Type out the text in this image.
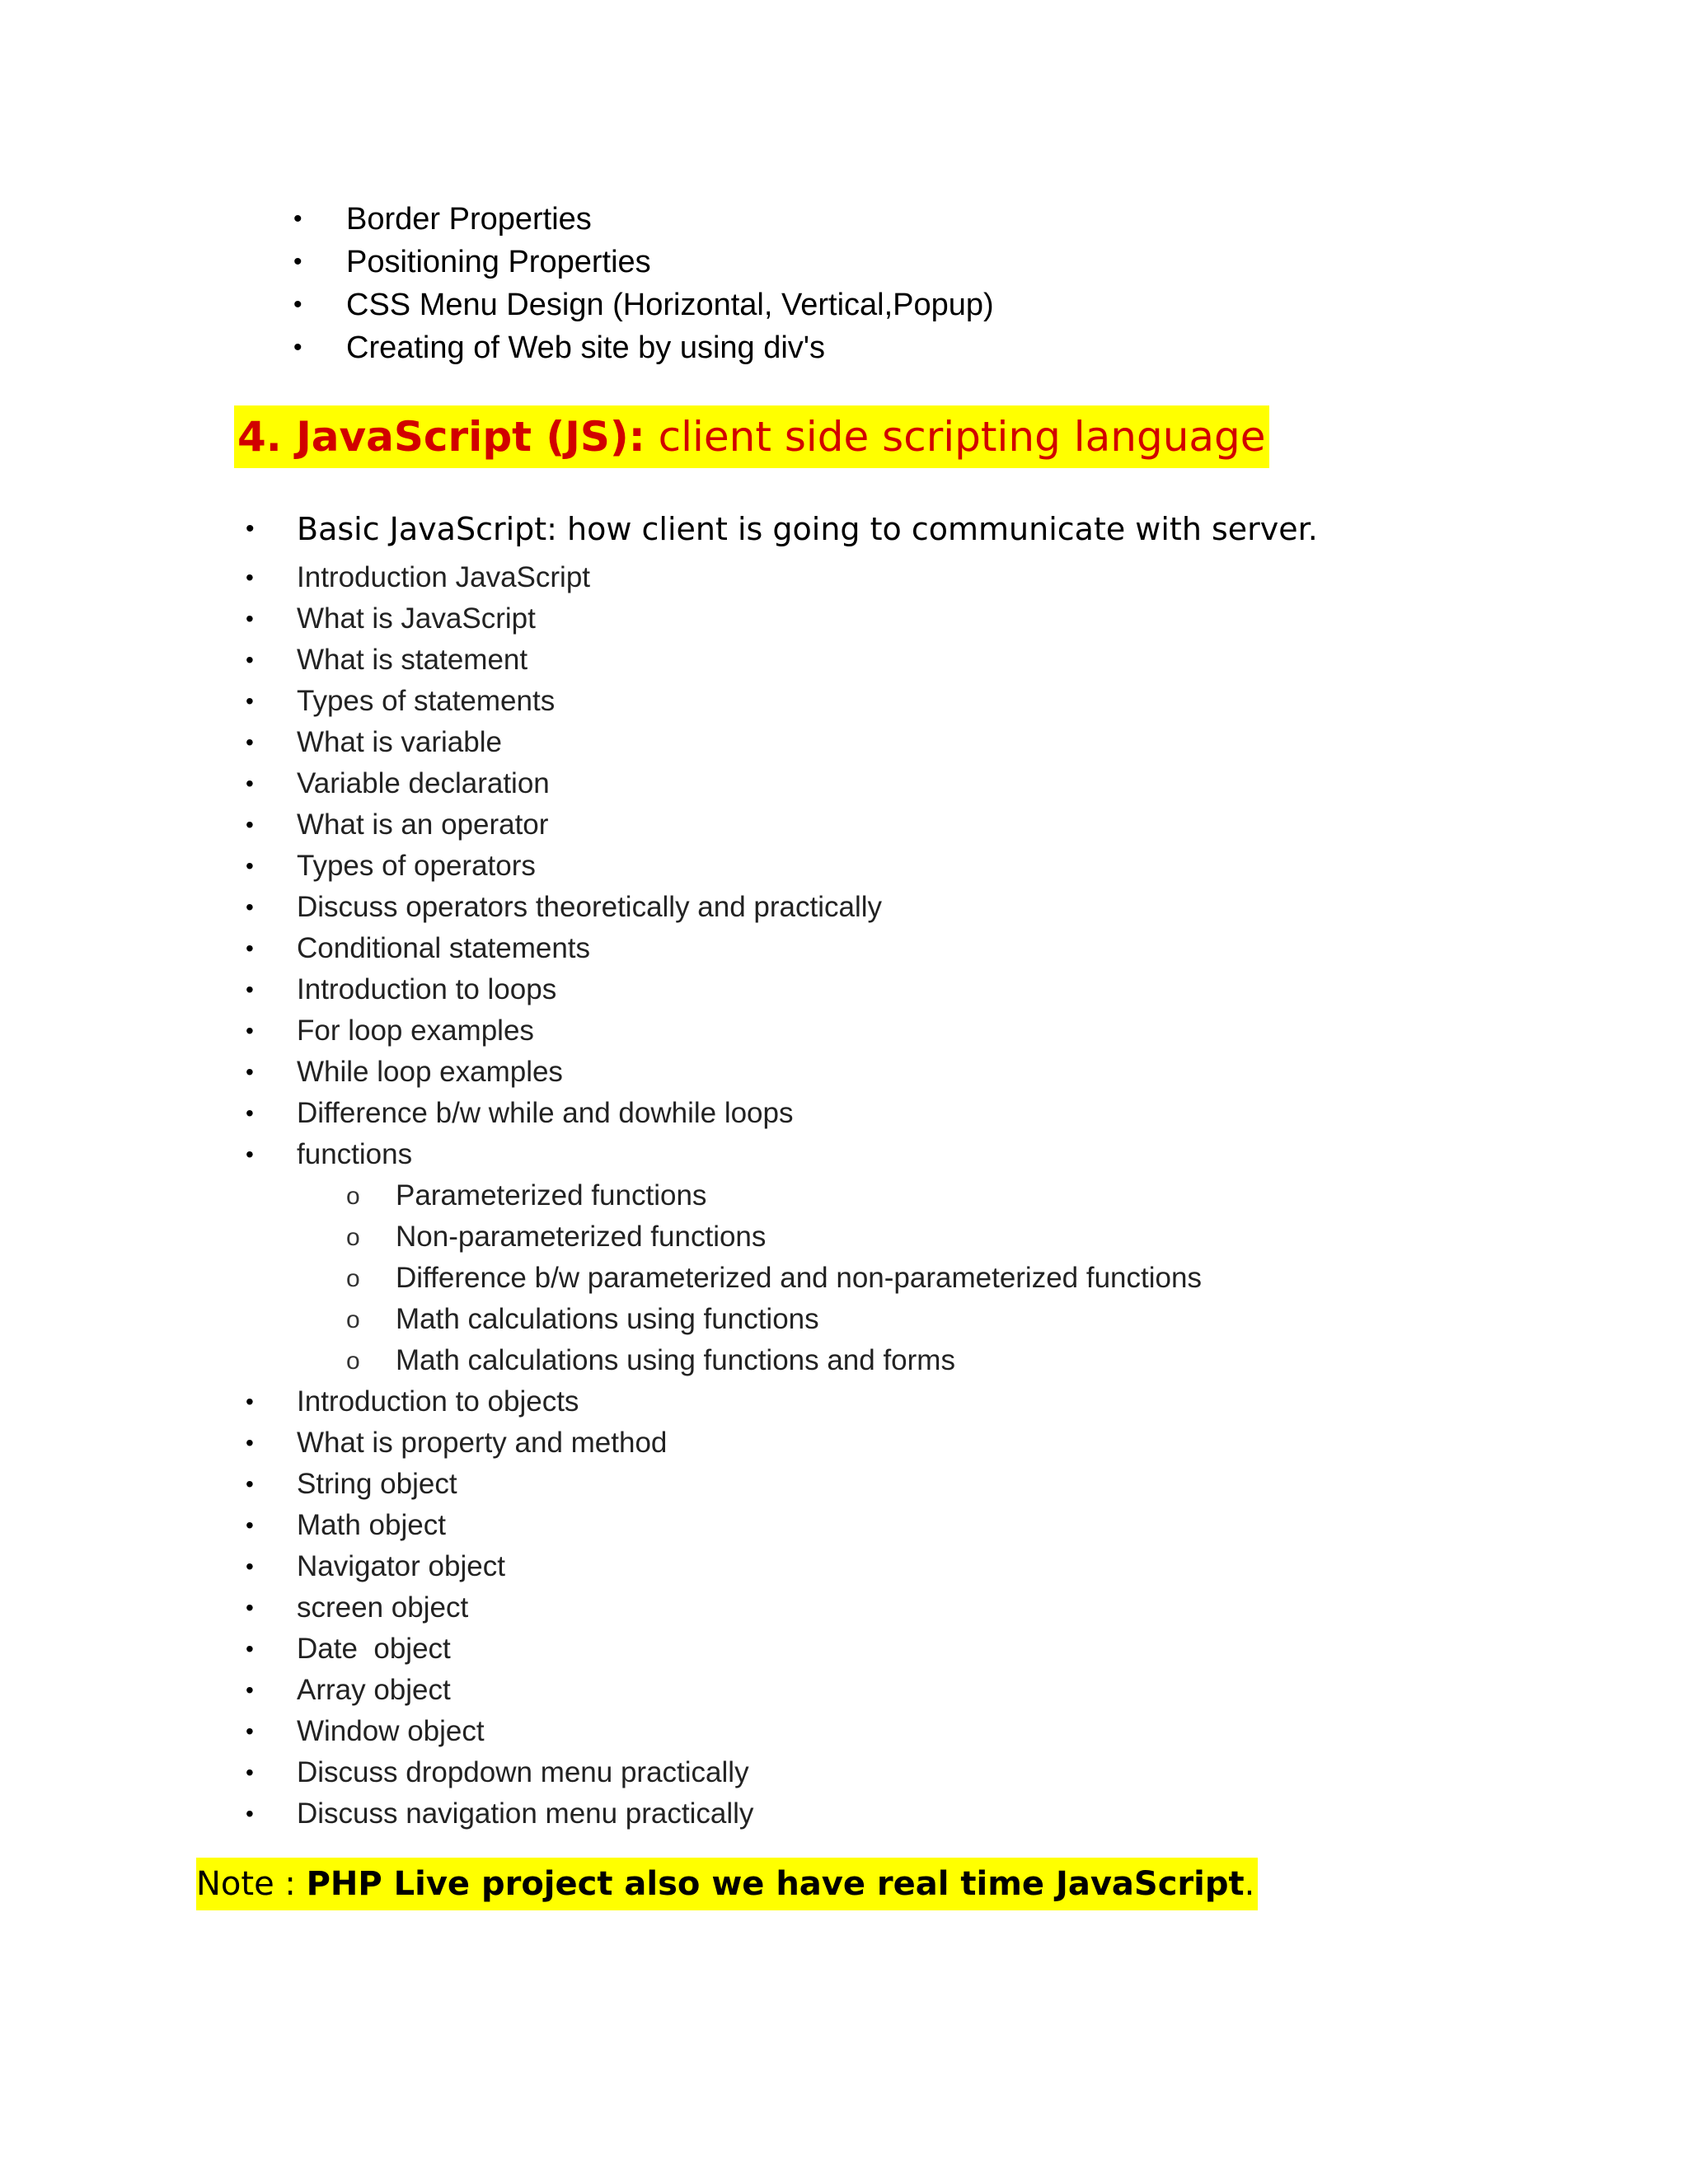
• Border Properties
• Positioning Properties
• CSS Menu Design (Horizontal, Vertical,Popup)
• Creating of Web site by using div's
4. JavaScript (JS): client side scripting language
• Basic JavaScript: how client is going to communicate with server.
• Introduction JavaScript
• What is JavaScript
• What is statement
• Types of statements
• What is variable
• Variable declaration
• What is an operator
• Types of operators
• Discuss operators theoretically and practically
• Conditional statements
• Introduction to loops
• For loop examples
• While loop examples
• Difference b/w while and dowhile loops
• functions
o Parameterized functions
o Non-parameterized functions
o Difference b/w parameterized and non-parameterized functions
o Math calculations using functions
o Math calculations using functions and forms
• Introduction to objects
• What is property and method
• String object
• Math object
• Navigator object
• screen object
• Date  object
• Array object
• Window object
• Discuss dropdown menu practically
• Discuss navigation menu practically
Note : PHP Live project also we have real time JavaScript.
